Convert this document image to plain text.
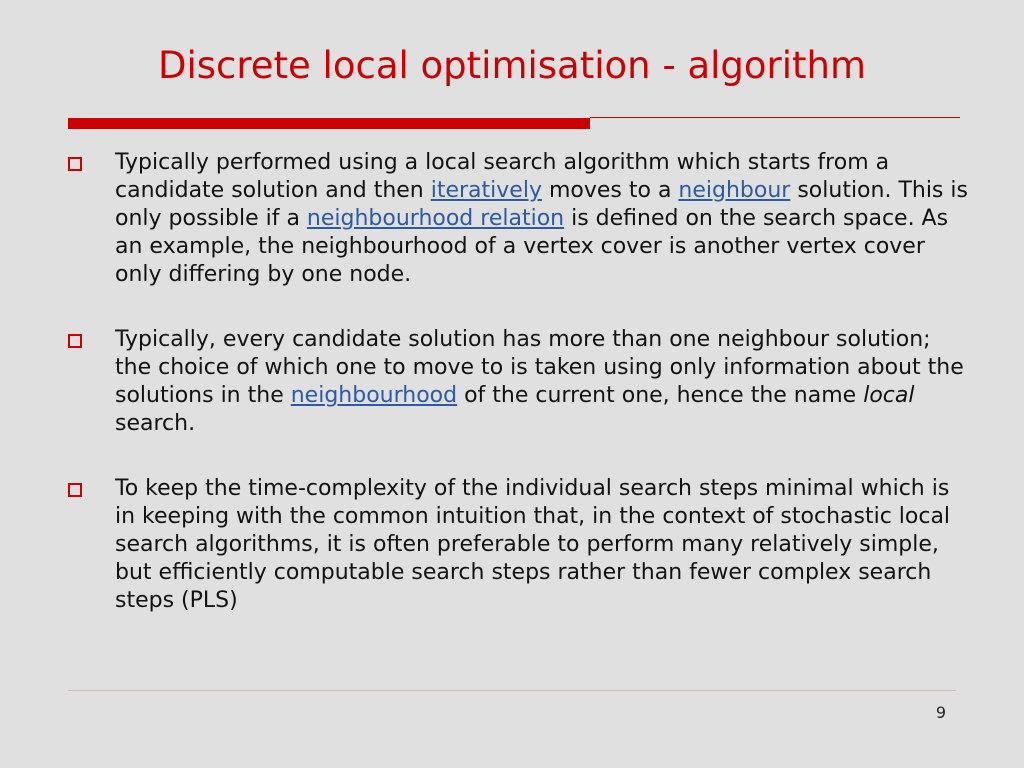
Discrete local optimisation - algorithm
Typically performed using a local search algorithm which starts from a candidate solution and then iteratively moves to a neighbour solution. This is only possible if a neighbourhood relation is defined on the search space. As an example, the neighbourhood of a vertex cover is another vertex cover only differing by one node.
Typically, every candidate solution has more than one neighbour solution; the choice of which one to move to is taken using only information about the solutions in the neighbourhood of the current one, hence the name local search.
To keep the time-complexity of the individual search steps minimal which is in keeping with the common intuition that, in the context of stochastic local search algorithms, it is often preferable to perform many relatively simple, but efficiently computable search steps rather than fewer complex search steps (PLS)
9
